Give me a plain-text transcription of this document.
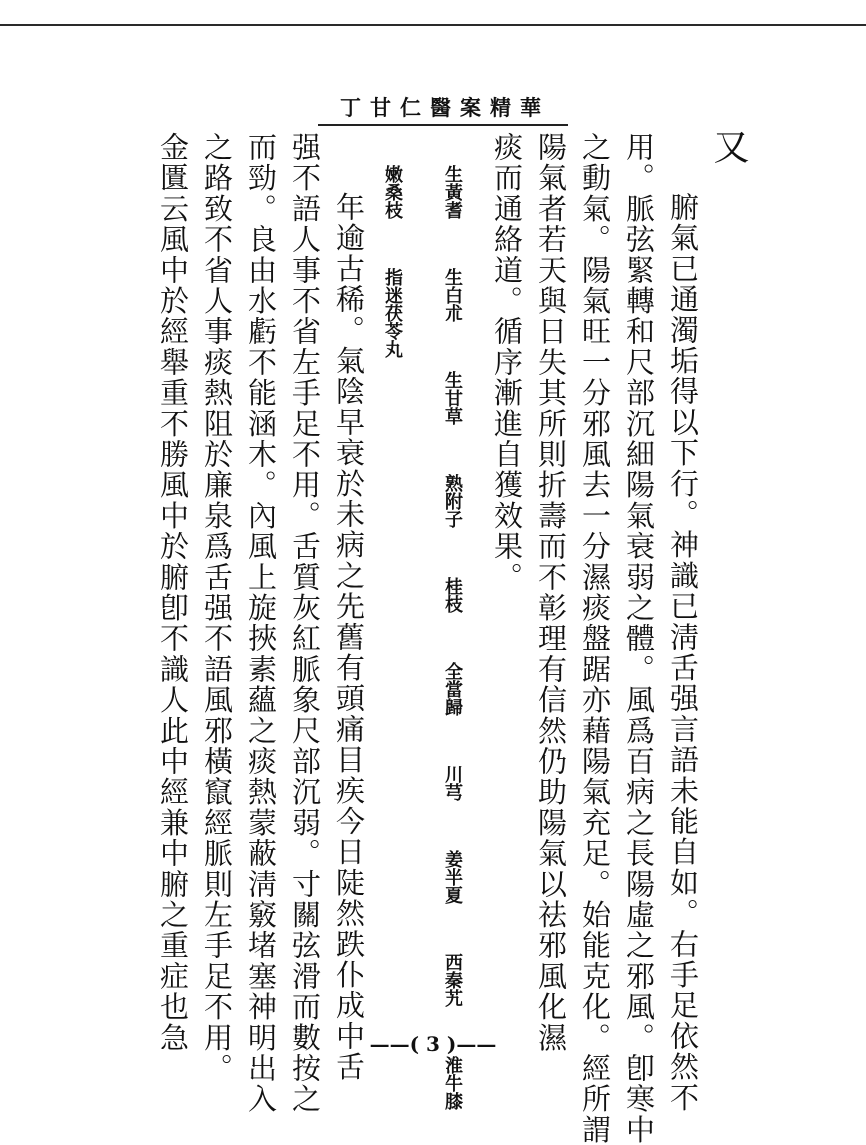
丁甘仁醫案精華
又
腑氣已通濁垢得以下行。神識已淸舌强言語未能自如。右手足依然不
用。脈弦緊轉和尺部沉細陽氣衰弱之體。風爲百病之長陽虛之邪風。卽寒中
之動氣。陽氣旺一分邪風去一分濕痰盤踞亦藉陽氣充足。始能克化。經所謂
陽氣者若天與日失其所則折壽而不彰理有信然仍助陽氣以祛邪風化濕
痰而通絡道。循序漸進自獲效果。
生黃耆 生白朮 生甘草 熟附子 桂枝 全當歸 川芎 姜半夏 西秦艽 淮牛膝
嫩桑枝 指迷茯苓丸
年逾古稀。氣陰早衰於未病之先舊有頭痛目疾今日陡然跌仆成中舌
强不語人事不省左手足不用。舌質灰紅脈象尺部沉弱。寸關弦滑而數按之
而勁。良由水虧不能涵木。內風上旋挾素蘊之痰熱蒙蔽淸竅堵塞神明出入
之路致不省人事痰熱阻於廉泉爲舌强不語風邪橫竄經脈則左手足不用。
金匱云風中於經舉重不勝風中於腑卽不識人此中經兼中腑之重症也急	——( 3 )——
